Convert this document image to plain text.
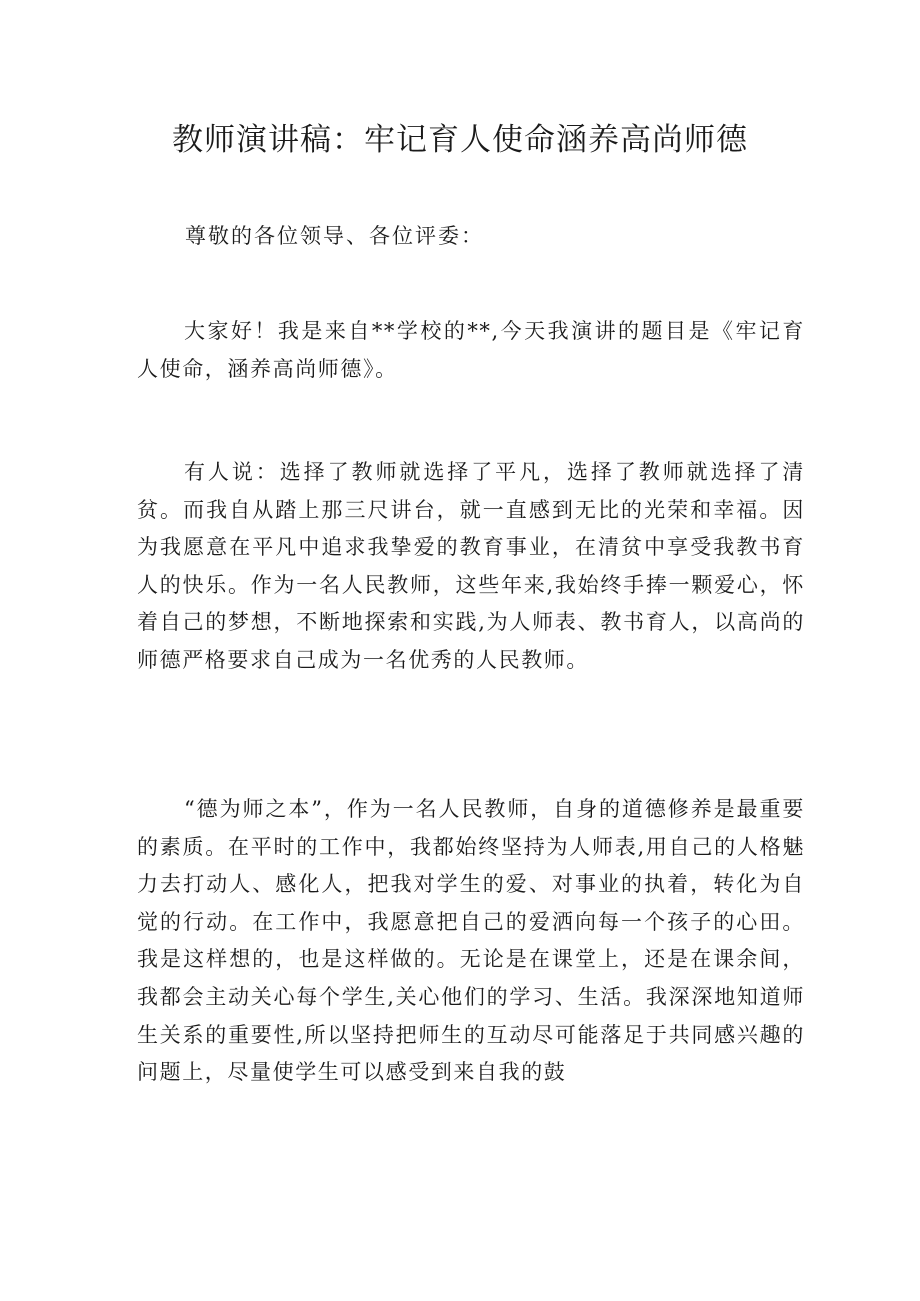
教师演讲稿：牢记育人使命涵养高尚师德

尊敬的各位领导、各位评委：

大家好！我是来自**学校的**,今天我演讲的题目是《牢记育人使命，涵养高尚师德》。

有人说：选择了教师就选择了平凡，选择了教师就选择了清贫。而我自从踏上那三尺讲台，就一直感到无比的光荣和幸福。因为我愿意在平凡中追求我挚爱的教育事业，在清贫中享受我教书育人的快乐。作为一名人民教师，这些年来,我始终手捧一颗爱心，怀着自己的梦想，不断地探索和实践,为人师表、教书育人，以高尚的师德严格要求自己成为一名优秀的人民教师。

“德为师之本”，作为一名人民教师，自身的道德修养是最重要的素质。在平时的工作中，我都始终坚持为人师表,用自己的人格魅力去打动人、感化人，把我对学生的爱、对事业的执着，转化为自觉的行动。在工作中，我愿意把自己的爱洒向每一个孩子的心田。我是这样想的，也是这样做的。无论是在课堂上，还是在课余间，我都会主动关心每个学生,关心他们的学习、生活。我深深地知道师生关系的重要性,所以坚持把师生的互动尽可能落足于共同感兴趣的问题上，尽量使学生可以感受到来自我的鼓
